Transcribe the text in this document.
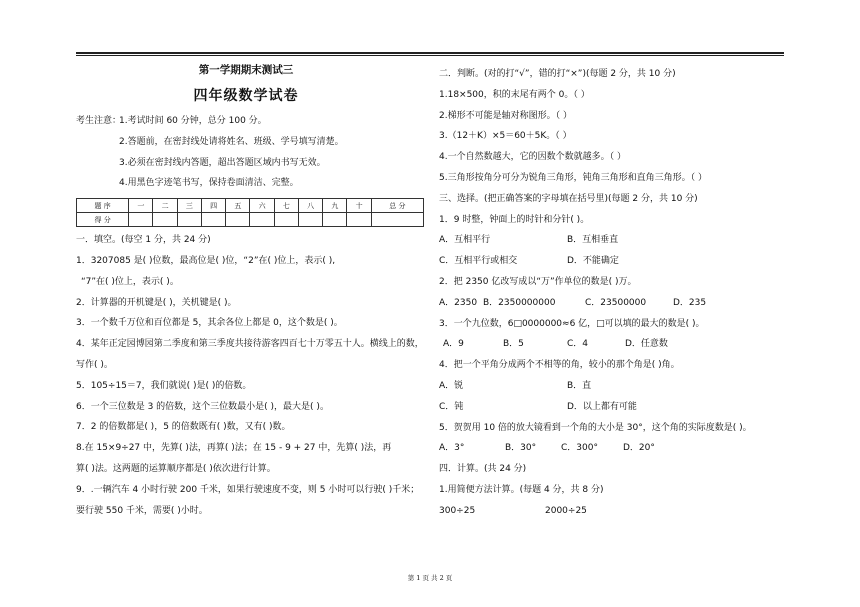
第一学期期末测试三
四年级数学试卷
考生注意：
1.考试时间 60 分钟，总分 100 分。
2.答题前，在密封线处请将姓名、班级、学号填写清楚。
3.必须在密封线内答题，超出答题区域内书写无效。
4.用黑色字迹笔书写，保持卷面清洁、完整。
题 序	一	二	三	四	五	六	七	八	九	十	总 分
得 分											
一．填空。(每空 1 分，共 24 分)
1．3207085 是( )位数，最高位是( )位，“2”在( )位上，表示( ),
“7”在( )位上，表示( )。
2．计算器的开机键是( )，关机键是( )。
3．一个数千万位和百位都是 5，其余各位上都是 0，这个数是( )。
4．某年正定园博园第二季度和第三季度共接待游客四百七十万零五十人。横线上的数，
写作( )。
5．105÷15＝7，我们就说( )是( )的倍数。
6．一个三位数是 3 的倍数，这个三位数最小是( )，最大是( )。
7．2 的倍数都是( )，5 的倍数既有( )数，又有( )数。
8.在 15×9÷27 中，先算( )法，再算( )法；在 15 - 9 + 27 中，先算( )法，再
算( )法。这两题的运算顺序都是( )依次进行计算。
9．.一辆汽车 4 小时行驶 200 千米，如果行驶速度不变，则 5 小时可以行驶( )千米；
要行驶 550 千米，需要( )小时。
二．判断。(对的打“√”，错的打“×”)(每题 2 分，共 10 分)
1.18×500，积的末尾有两个 0。（ ）
2.梯形不可能是轴对称图形。（ ）
3.（12＋K）×5＝60＋5K。（ ）
4.一个自然数越大，它的因数个数就越多。（ ）
5.三角形按角分可分为锐角三角形，钝角三角形和直角三角形。（ ）
三、选择。(把正确答案的字母填在括号里)(每题 2 分，共 10 分)
1．9 时整，钟面上的时针和分针( )。
A．互相平行	B．互相垂直
C．互相平行或相交	D．不能确定
2．把 2350 亿改写成以“万”作单位的数是( )万。
A．2350 B．2350000000	C．23500000	D．235
3．一个九位数，6□0000000≈6 亿，□可以填的最大的数是( )。
A．9	B．5	C．4	D．任意数
4．把一个平角分成两个不相等的角，较小的那个角是( )角。
A．锐	B．直
C．钝	D．以上都有可能
5．贺贺用 10 倍的放大镜看到一个角的大小是 30°，这个角的实际度数是( )。
A．3°	B．30°	C．300°	D．20°
四．计算。(共 24 分)
1.用简便方法计算。(每题 4 分，共 8 分)
300÷25	2000÷25
第 1 页 共 2 页
